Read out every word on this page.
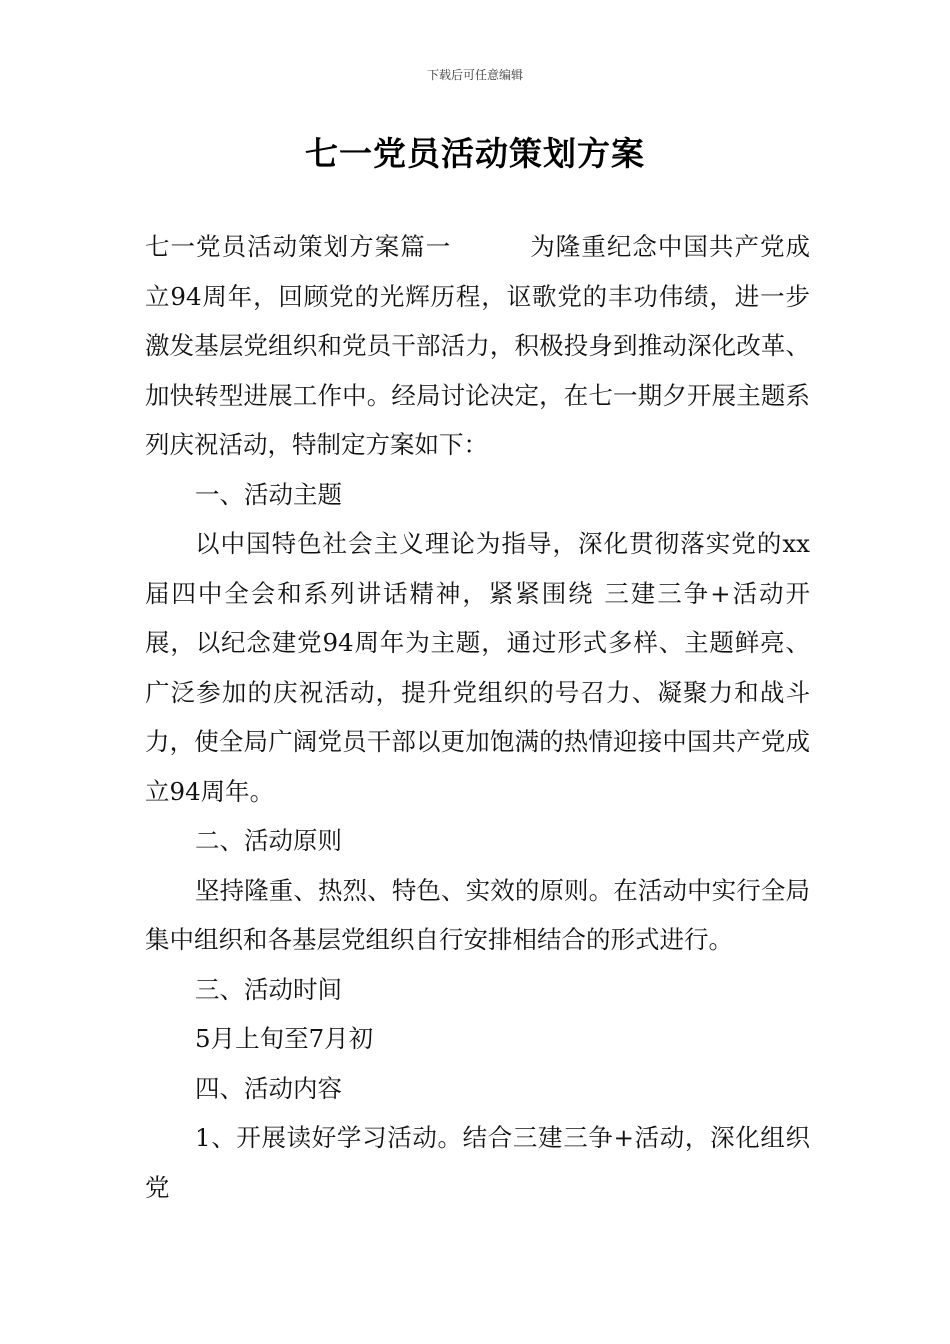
下载后可任意编辑
七一党员活动策划方案

七一党员活动策划方案篇一	为隆重纪念中国共产党成立94周年，回顾党的光辉历程，讴歌党的丰功伟绩，进一步激发基层党组织和党员干部活力，积极投身到推动深化改革、加快转型进展工作中。经局讨论决定，在七一期夕开展主题系列庆祝活动，特制定方案如下：

一、活动主题

以中国特色社会主义理论为指导，深化贯彻落实党的xx届四中全会和系列讲话精神，紧紧围绕 三建三争+活动开展，以纪念建党94周年为主题，通过形式多样、主题鲜亮、广泛参加的庆祝活动，提升党组织的号召力、凝聚力和战斗力，使全局广阔党员干部以更加饱满的热情迎接中国共产党成立94周年。

二、活动原则

坚持隆重、热烈、特色、实效的原则。在活动中实行全局集中组织和各基层党组织自行安排相结合的形式进行。

三、活动时间

5月上旬至7月初

四、活动内容

1、开展读好学习活动。结合三建三争+活动，深化组织党
